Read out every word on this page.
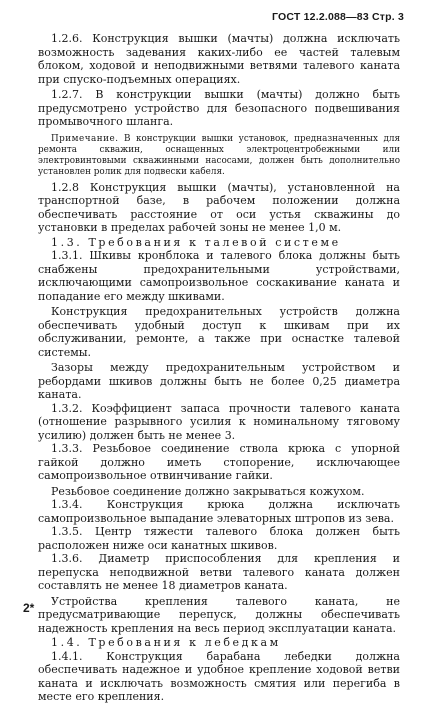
ГОСТ 12.2.088—83 Стр. 3

1.2.6. Конструкция вышки (мачты) должна исключать возможность задевания каких-либо ее частей талевым блоком, ходовой и неподвижными ветвями талевого каната при спуско-подъемных операциях.

1.2.7. В конструкции вышки (мачты) должно быть предусмотрено устройство для безопасного подвешивания промывочного шланга.

Примечание. В конструкции вышки установок, предназначенных для ремонта скважин, оснащенных электроцентробежными или электровинтовыми скважинными насосами, должен быть дополнительно установлен ролик для подвески кабеля.

1.2.8 Конструкция вышки (мачты), установленной на транспортной базе, в рабочем положении должна обеспечивать расстояние от оси устья скважины до установки в пределах рабочей зоны не менее 1,0 м.

1.3. Требования к талевой системе

1.3.1. Шкивы кронблока и талевого блока должны быть снабжены предохранительными устройствами, исключающими самопроизвольное соскакивание каната и попадание его между шкивами.

Конструкция предохранительных устройств должна обеспечивать удобный доступ к шкивам при их обслуживании, ремонте, а также при оснастке талевой системы.

Зазоры между предохранительным устройством и ребордами шкивов должны быть не более 0,25 диаметра каната.

1.3.2. Коэффициент запаса прочности талевого каната (отношение разрывного усилия к номинальному тяговому усилию) должен быть не менее 3.

1.3.3. Резьбовое соединение ствола крюка с упорной гайкой должно иметь стопорение, исключающее самопроизвольное отвинчивание гайки.

Резьбовое соединение должно закрываться кожухом.

1.3.4. Конструкция крюка должна исключать самопроизвольное выпадание элеваторных штропов из зева.

1.3.5. Центр тяжести талевого блока должен быть расположен ниже оси канатных шкивов.

1.3.6. Диаметр приспособления для крепления и перепуска неподвижной ветви талевого каната должен составлять не менее 18 диаметров каната.

Устройства крепления талевого каната, не предусматривающие перепуск, должны обеспечивать надежность крепления на весь период эксплуатации каната.

1.4. Требования к лебедкам

1.4.1. Конструкция барабана лебедки должна обеспечивать надежное и удобное крепление ходовой ветви каната и исключать возможность смятия или перегиба в месте его крепления.

2*
